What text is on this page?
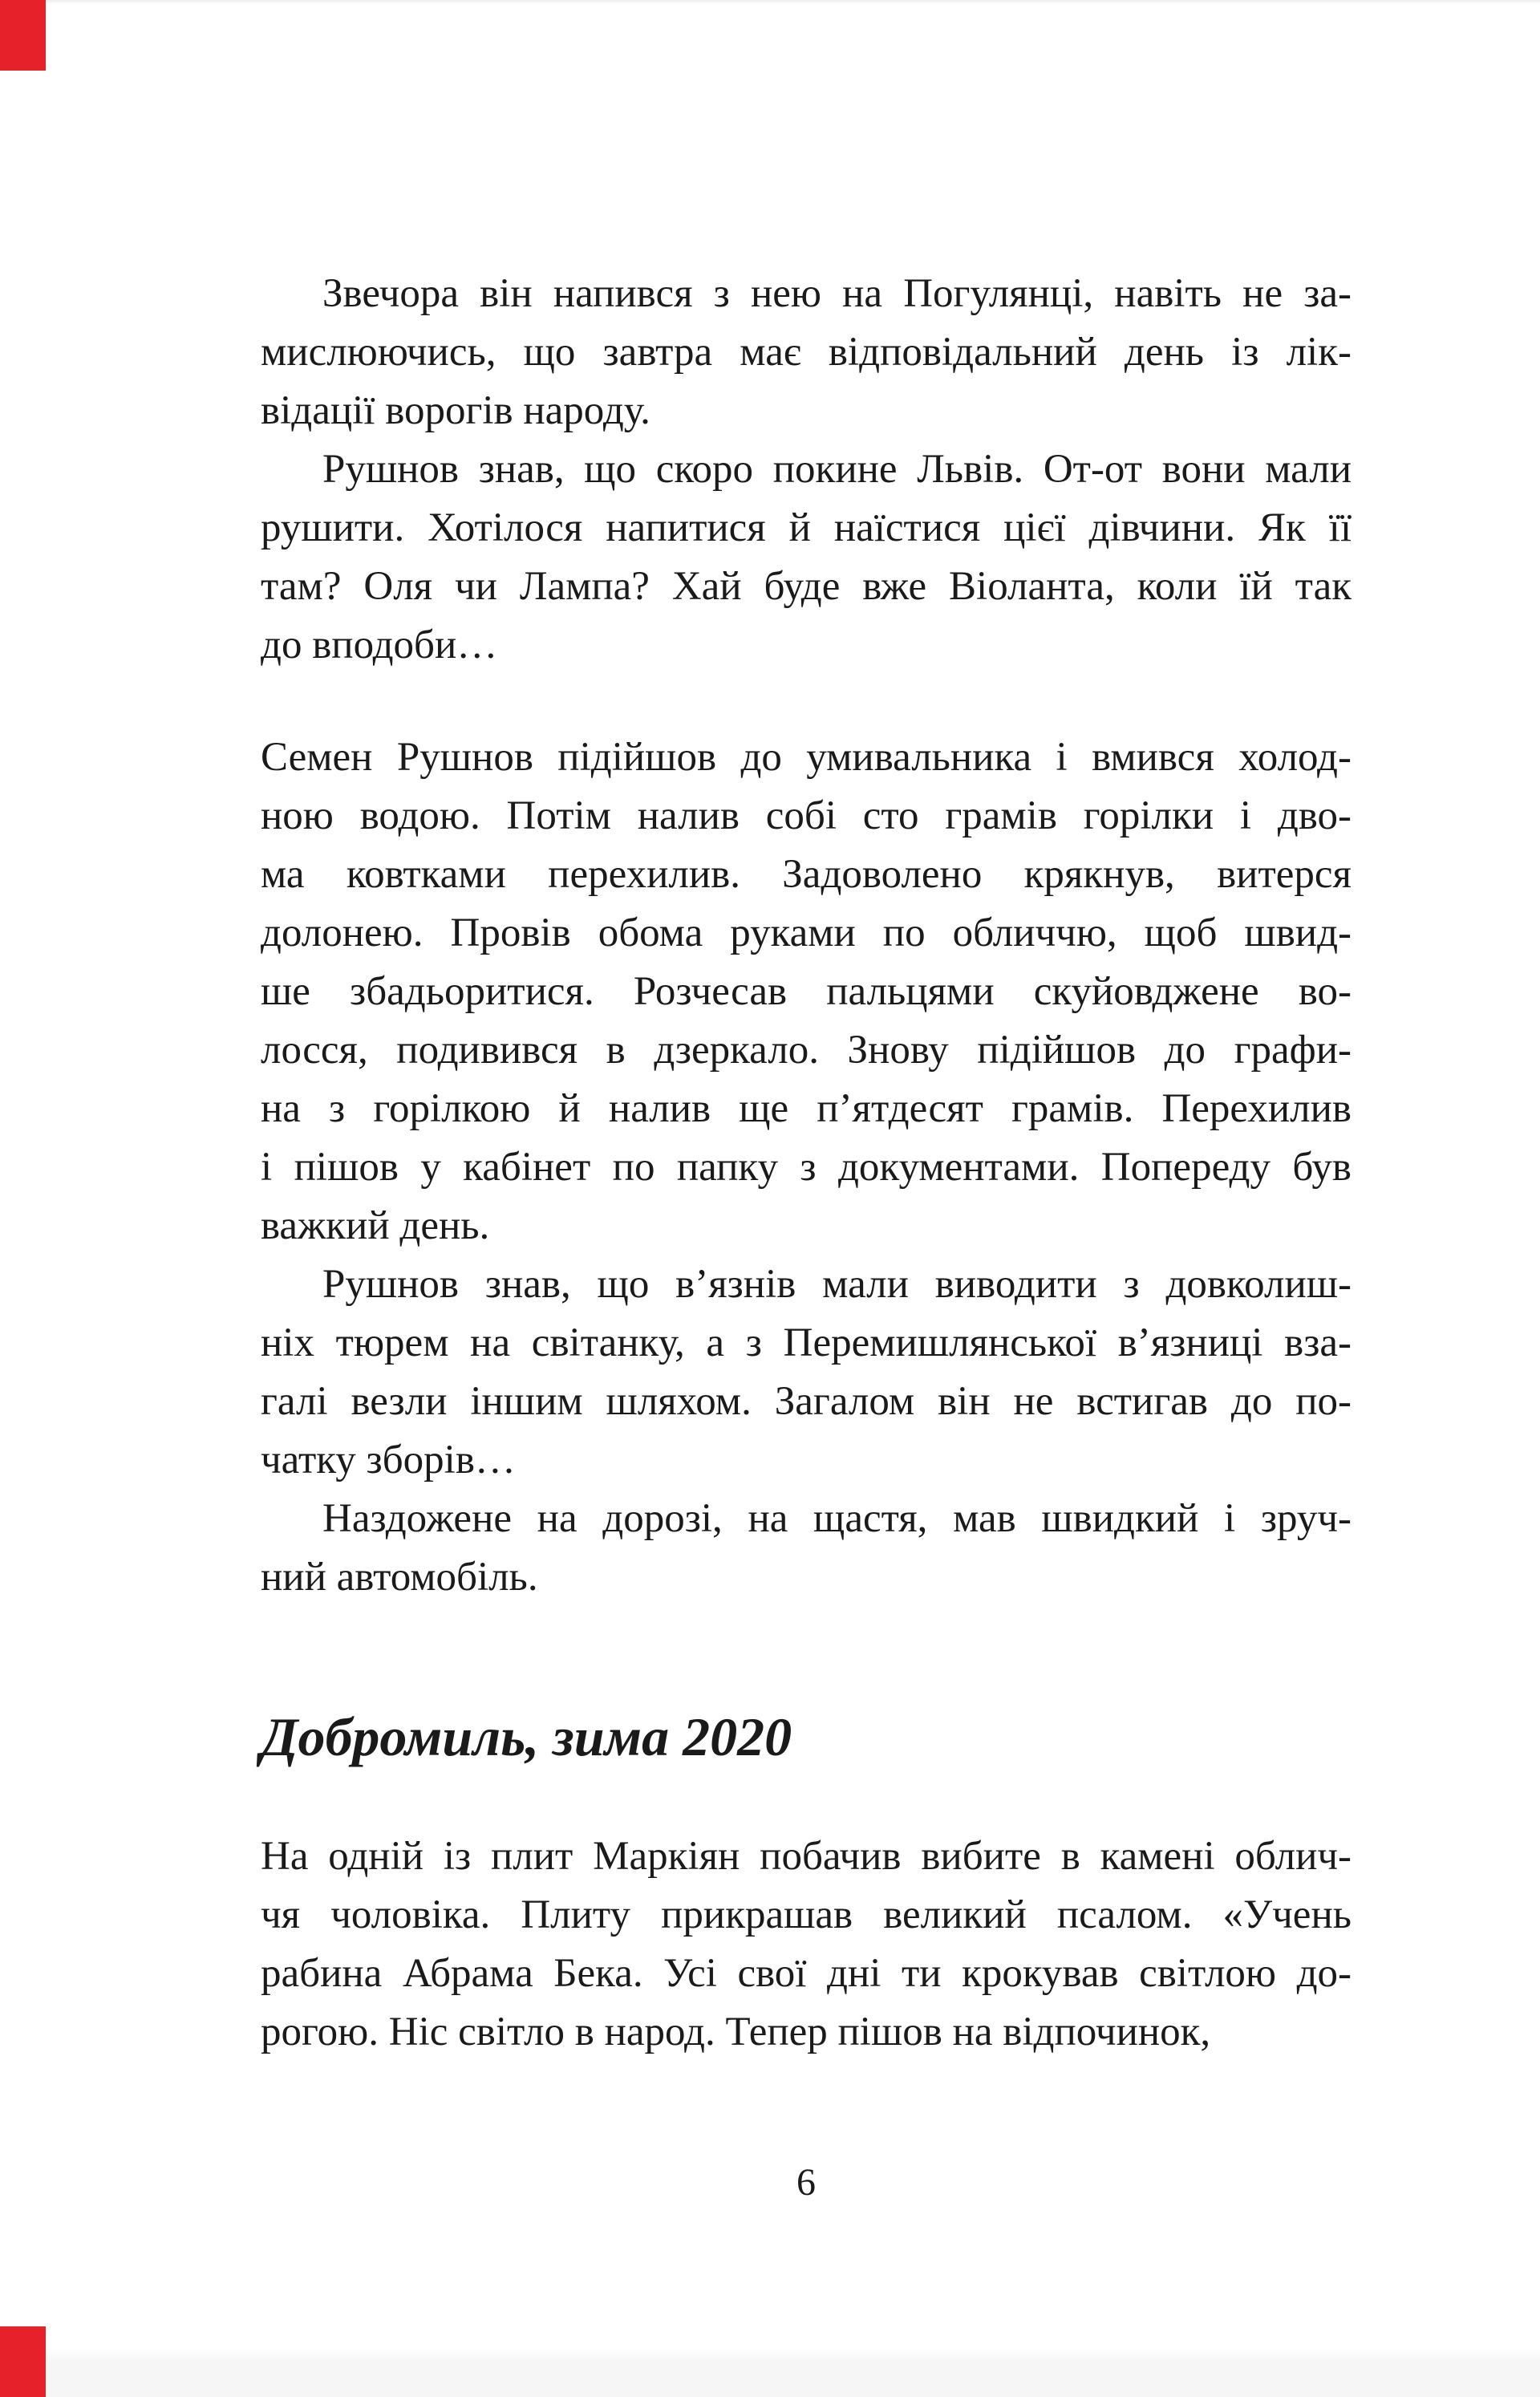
Звечора він напився з нею на Погулянці, навіть не за-
мислюючись, що завтра має відповідальний день із лік-
відації ворогів народу.
Рушнов знав, що скоро покине Львів. От-от вони мали
рушити. Хотілося напитися й наїстися цієї дівчини. Як її
там? Оля чи Лампа? Хай буде вже Віоланта, коли їй так
до вподоби…
Семен Рушнов підійшов до умивальника і вмився холод-
ною водою. Потім налив собі сто грамів горілки і дво-
ма ковтками перехилив. Задоволено крякнув, витерся
долонею. Провів обома руками по обличчю, щоб швид-
ше збадьоритися. Розчесав пальцями скуйовджене во-
лосся, подивився в дзеркало. Знову підійшов до графи-
на з горілкою й налив ще п’ятдесят грамів. Перехилив
і пішов у кабінет по папку з документами. Попереду був
важкий день.
Рушнов знав, що в’язнів мали виводити з довколиш-
ніх тюрем на світанку, а з Перемишлянської в’язниці вза-
галі везли іншим шляхом. Загалом він не встигав до по-
чатку зборів…
Наздожене на дорозі, на щастя, мав швидкий і зруч-
ний автомобіль.
Добромиль, зима 2020
На одній із плит Маркіян побачив вибите в камені облич-
чя чоловіка. Плиту прикрашав великий псалом. «Учень
рабина Абрама Бека. Усі свої дні ти крокував світлою до-
рогою. Ніс світло в народ. Тепер пішов на відпочинок,
6
